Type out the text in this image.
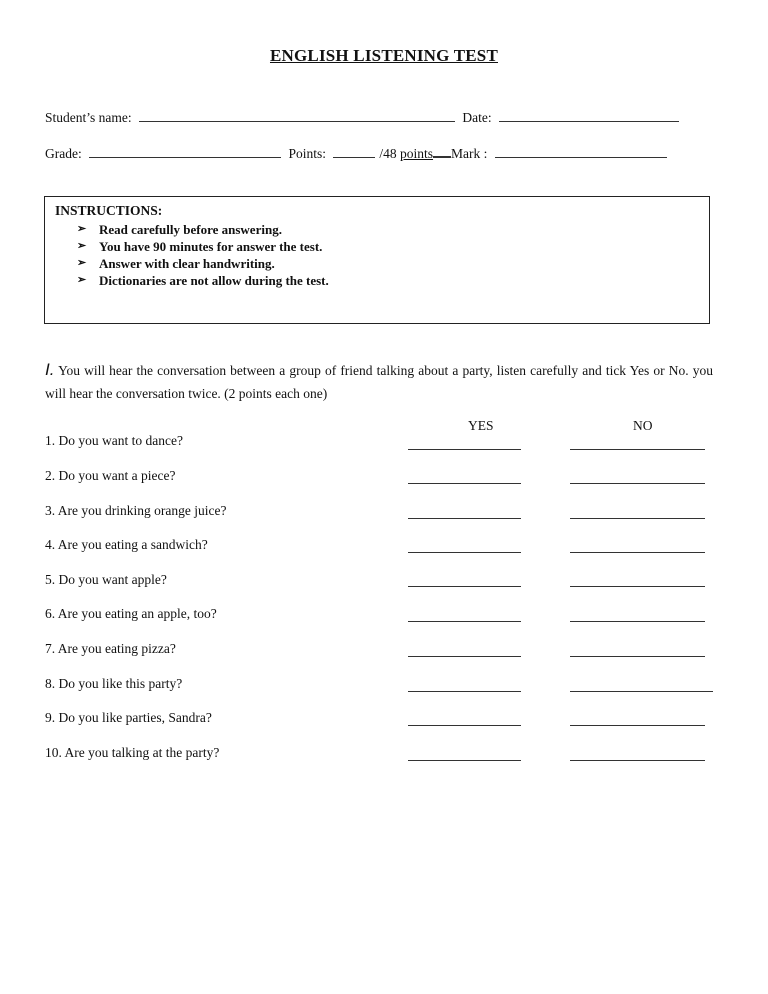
ENGLISH LISTENING TEST
Student’s name:	Date:
Grade:	Points:	/48 points Mark :
INSTRUCTIONS:
➢ Read carefully before answering.
➢ You have 90 minutes for answer the test.
➢ Answer with clear handwriting.
➢ Dictionaries are not allow during the test.
I. You will hear the conversation between a group of friend talking about a party, listen carefully and tick Yes or No. you will hear the conversation twice. (2 points each one)
YES	NO
1. Do you want to dance?
2. Do you want a piece?
3. Are you drinking orange juice?
4. Are you eating a sandwich?
5. Do you want apple?
6. Are you eating an apple, too?
7. Are you eating pizza?
8. Do you like this party?
9. Do you like parties, Sandra?
10. Are you talking at the party?
